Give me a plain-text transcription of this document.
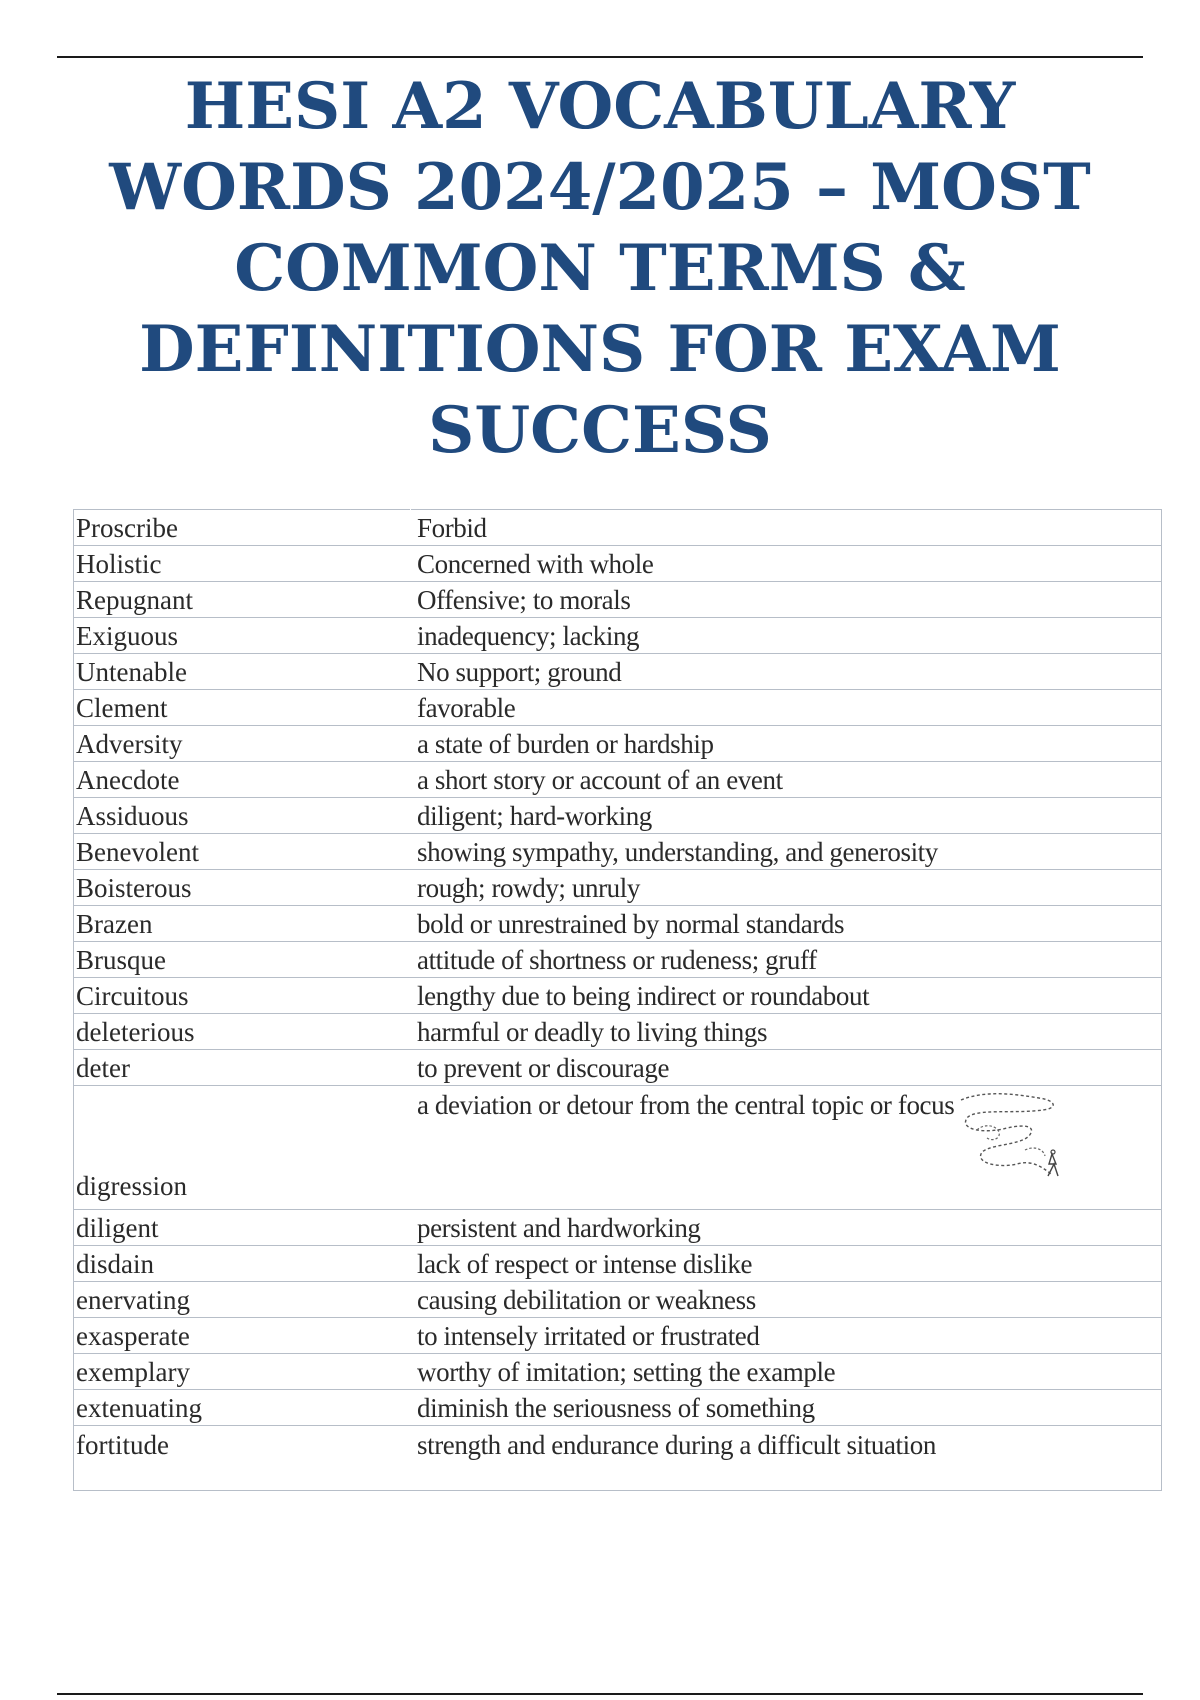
HESI A2 VOCABULARY WORDS 2024/2025 – MOST COMMON TERMS & DEFINITIONS FOR EXAM SUCCESS
Proscribe	Forbid
Holistic	Concerned with whole
Repugnant	Offensive; to morals
Exiguous	inadequency; lacking
Untenable	No support; ground
Clement	favorable
Adversity	a state of burden or hardship
Anecdote	a short story or account of an event
Assiduous	diligent; hard-working
Benevolent	showing sympathy, understanding, and generosity
Boisterous	rough; rowdy; unruly
Brazen	bold or unrestrained by normal standards
Brusque	attitude of shortness or rudeness; gruff
Circuitous	lengthy due to being indirect or roundabout
deleterious	harmful or deadly to living things
deter	to prevent or discourage
digression	a deviation or detour from the central topic or focus

diligent	persistent and hardworking
disdain	lack of respect or intense dislike
enervating	causing debilitation or weakness
exasperate	to intensely irritated or frustrated
exemplary	worthy of imitation; setting the example
extenuating	diminish the seriousness of something
fortitude	strength and endurance during a difficult situation
